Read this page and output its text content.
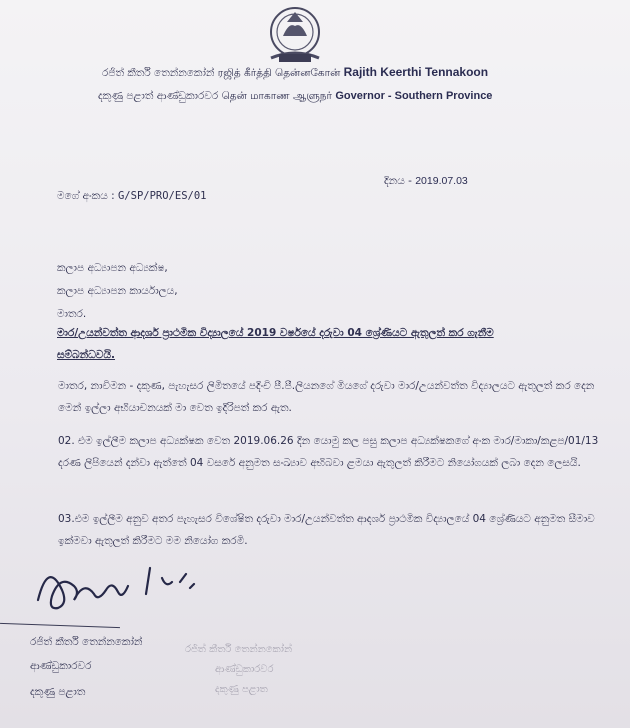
රජිත් කීර්ති තෙන්නකෝන් ரஜித் கீர்த்தி தென்னகோன் Rajith Keerthi Tennakoon
දකුණු පළාත් ආණ්ඩුකාරවර தென் மாகாண ஆளுநர் Governor - Southern Province
දිනය - 2019.07.03
මගේ අංකය : G/SP/PRO/ES/01
කලාප අධ්‍යාපන අධ්‍යක්ෂ,
කලාප අධ්‍යාපන කාර්යාලය,
මාතර.
මාර/උයන්වත්ත ආදර්ශ ප්‍රාථමික විද්‍යාලයේ 2019 වර්ෂයේ දරුවා 04 ශ්‍රේණියට ඇතුලත් කර ගැනීම
සම්බන්ධවයි.
මාතර, නාවිමන - දකුණ, පැහැසර ලිමිතයේ පදිංචි පී.පී.ලියනගේ මියගේ දරුවා මාර/උයන්වත්ත විද්‍යාලයට ඇතුලත් කර දෙන මෙන් ඉල්ලා අභියාචනයක් මා වෙත ඉදිරිපත් කර ඇත.
02. එම ඉල්ලීම කලාප අධ්‍යක්ෂක වෙත 2019.06.26 දින යොමු කල පසු කලාප අධ්‍යක්ෂකගේ අංක මාර/මාකා/කළප/01/13 දරණ ලිපියෙන් දන්වා ඇත්තේ 04 වසරේ අනුමත සංඛ්‍යාව අභිබවා ළමයා ඇතුලත් කිරීමට නියෝගයක් ලබා දෙන ලෙසයි.
03.එම ඉල්ලීම අනුව අතර පැහැසර විශේෂිත දරුවා මාර/උයන්වත්ත ආදර්ශ ප්‍රාථමික විද්‍යාලයේ 04 ශ්‍රේණියට අනුමත සීමාව ඉක්මවා ඇතුලත් කිරීමට මම නියෝග කරමි.
රජිත් කීර්ති තෙන්නකෝන්
ආණ්ඩුකාරවර
දකුණු පළාත
රජිත් කීර්ති තෙන්නකෝන්
ආණ්ඩුකාරවර
දකුණු පළාත
